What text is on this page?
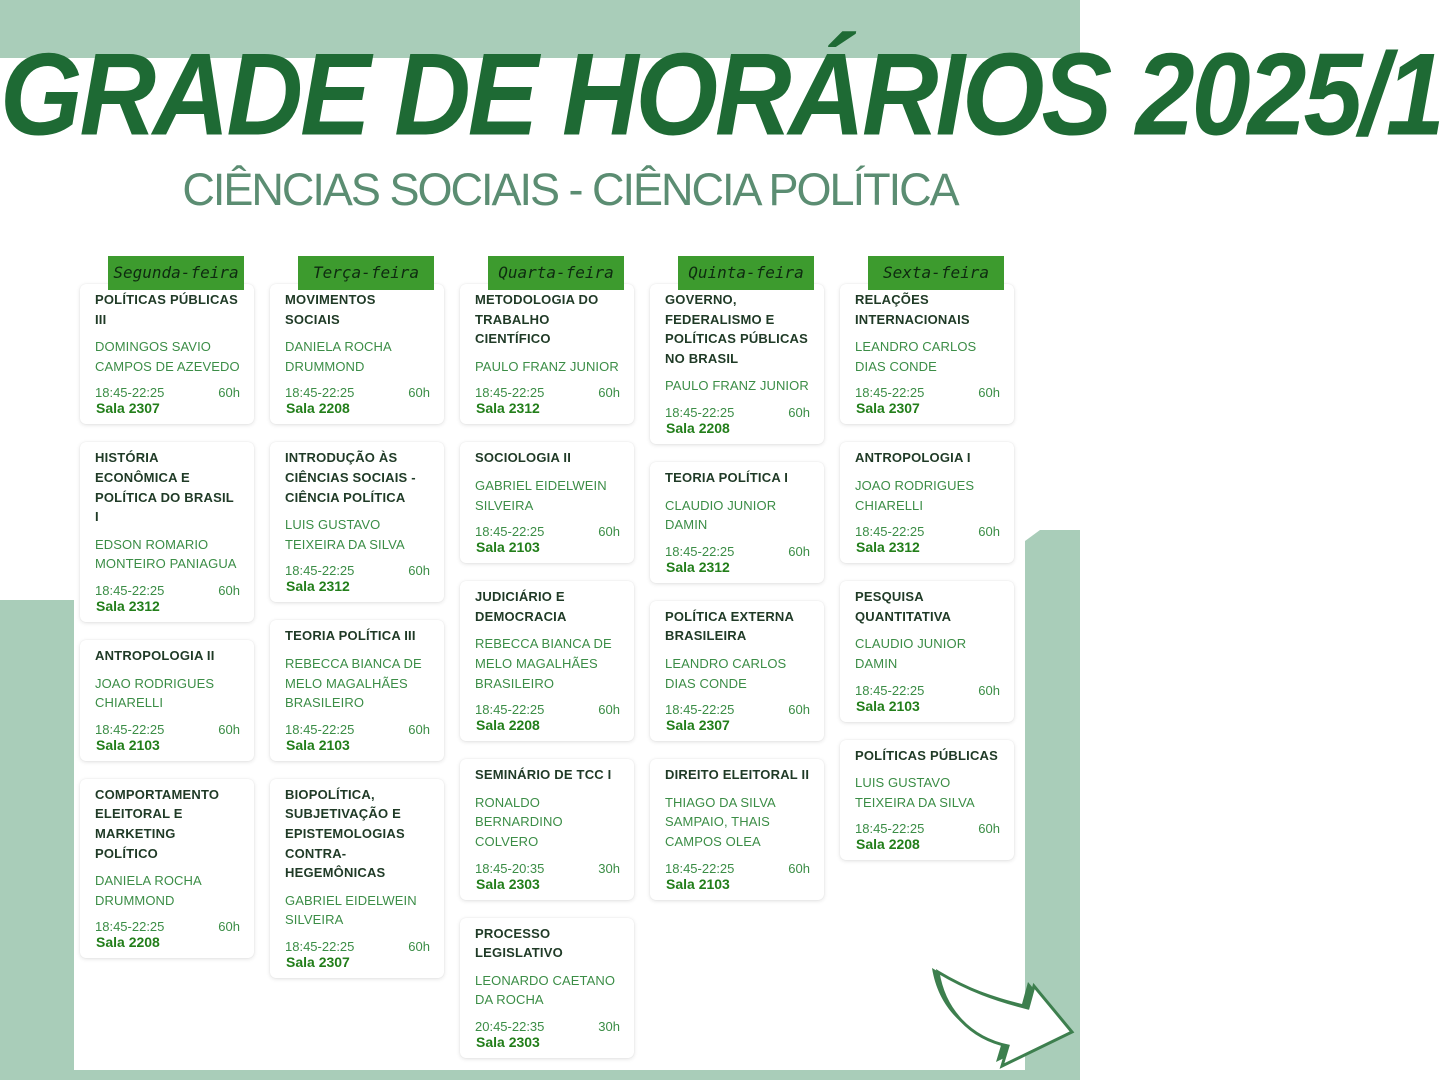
GRADE DE HORÁRIOS 2025/1
CIÊNCIAS SOCIAIS - CIÊNCIA POLÍTICA
Segunda-feira
POLÍTICAS PÚBLICAS III
DOMINGOS SAVIO CAMPOS DE AZEVEDO
18:45-22:25	60h
Sala 2307
HISTÓRIA ECONÔMICA E POLÍTICA DO BRASIL I
EDSON ROMARIO MONTEIRO PANIAGUA
18:45-22:25	60h
Sala 2312
ANTROPOLOGIA II
JOAO RODRIGUES CHIARELLI
18:45-22:25	60h
Sala 2103
COMPORTAMENTO ELEITORAL E MARKETING POLÍTICO
DANIELA ROCHA DRUMMOND
18:45-22:25	60h
Sala 2208
Terça-feira
MOVIMENTOS SOCIAIS
DANIELA ROCHA DRUMMOND
18:45-22:25	60h
Sala 2208
INTRODUÇÃO ÀS CIÊNCIAS SOCIAIS - CIÊNCIA POLÍTICA
LUIS GUSTAVO TEIXEIRA DA SILVA
18:45-22:25	60h
Sala 2312
TEORIA POLÍTICA III
REBECCA BIANCA DE MELO MAGALHÃES BRASILEIRO
18:45-22:25	60h
Sala 2103
BIOPOLÍTICA, SUBJETIVAÇÃO E EPISTEMOLOGIAS CONTRA-HEGEMÔNICAS
GABRIEL EIDELWEIN SILVEIRA
18:45-22:25	60h
Sala 2307
Quarta-feira
METODOLOGIA DO TRABALHO CIENTÍFICO
PAULO FRANZ JUNIOR
18:45-22:25	60h
Sala 2312
SOCIOLOGIA II
GABRIEL EIDELWEIN SILVEIRA
18:45-22:25	60h
Sala 2103
JUDICIÁRIO E DEMOCRACIA
REBECCA BIANCA DE MELO MAGALHÃES BRASILEIRO
18:45-22:25	60h
Sala 2208
SEMINÁRIO DE TCC I
RONALDO BERNARDINO COLVERO
18:45-20:35	30h
Sala 2303
PROCESSO LEGISLATIVO
LEONARDO CAETANO DA ROCHA
20:45-22:35	30h
Sala 2303
Quinta-feira
GOVERNO, FEDERALISMO E POLÍTICAS PÚBLICAS NO BRASIL
PAULO FRANZ JUNIOR
18:45-22:25	60h
Sala 2208
TEORIA POLÍTICA I
CLAUDIO JUNIOR DAMIN
18:45-22:25	60h
Sala 2312
POLÍTICA EXTERNA BRASILEIRA
LEANDRO CARLOS DIAS CONDE
18:45-22:25	60h
Sala 2307
DIREITO ELEITORAL II
THIAGO DA SILVA SAMPAIO, THAIS CAMPOS OLEA
18:45-22:25	60h
Sala 2103
Sexta-feira
RELAÇÕES INTERNACIONAIS
LEANDRO CARLOS DIAS CONDE
18:45-22:25	60h
Sala 2307
ANTROPOLOGIA I
JOAO RODRIGUES CHIARELLI
18:45-22:25	60h
Sala 2312
PESQUISA QUANTITATIVA
CLAUDIO JUNIOR DAMIN
18:45-22:25	60h
Sala 2103
POLÍTICAS PÚBLICAS
LUIS GUSTAVO TEIXEIRA DA SILVA
18:45-22:25	60h
Sala 2208
